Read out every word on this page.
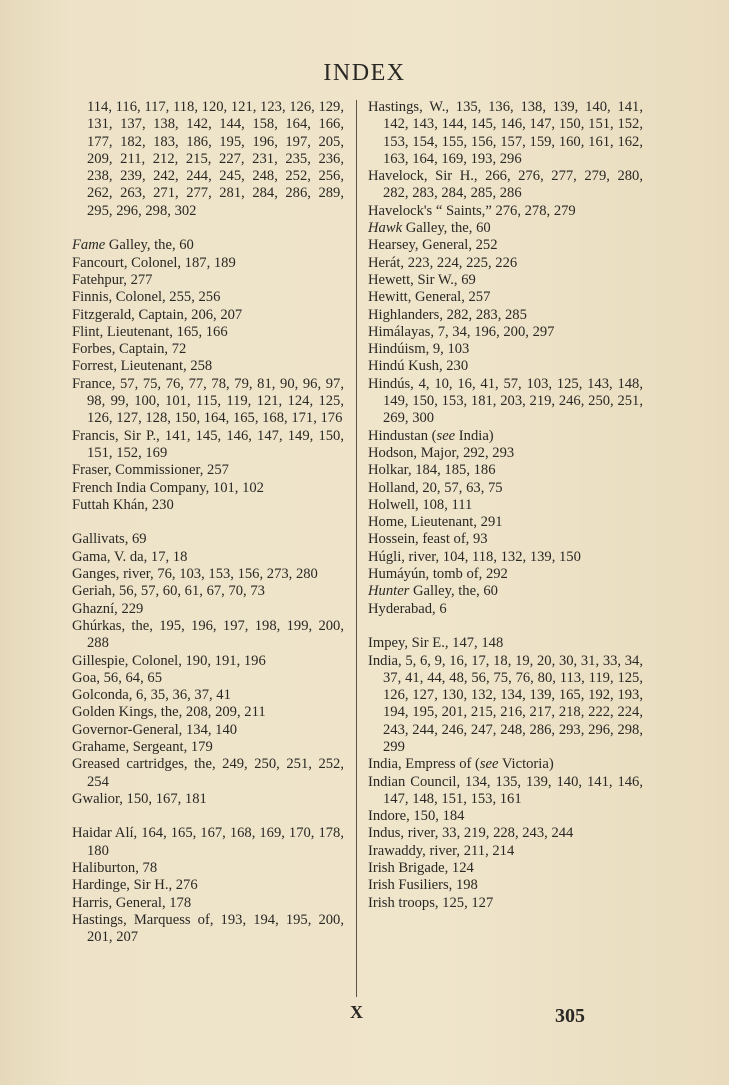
INDEX

114, 116, 117, 118, 120, 121, 123, 126, 129, 131, 137, 138, 142, 144, 158, 164, 166, 177, 182, 183, 186, 195, 196, 197, 205, 209, 211, 212, 215, 227, 231, 235, 236, 238, 239, 242, 244, 245, 248, 252, 256, 262, 263, 271, 277, 281, 284, 286, 289, 295, 296, 298, 302

Fame Galley, the, 60

Fancourt, Colonel, 187, 189

Fatehpur, 277

Finnis, Colonel, 255, 256

Fitzgerald, Captain, 206, 207

Flint, Lieutenant, 165, 166

Forbes, Captain, 72

Forrest, Lieutenant, 258

France, 57, 75, 76, 77, 78, 79, 81, 90, 96, 97, 98, 99, 100, 101, 115, 119, 121, 124, 125, 126, 127, 128, 150, 164, 165, 168, 171, 176

Francis, Sir P., 141, 145, 146, 147, 149, 150, 151, 152, 169

Fraser, Commissioner, 257

French India Company, 101, 102

Futtah Khán, 230

Gallivats, 69

Gama, V. da, 17, 18

Ganges, river, 76, 103, 153, 156, 273, 280

Geriah, 56, 57, 60, 61, 67, 70, 73

Ghazní, 229

Ghúrkas, the, 195, 196, 197, 198, 199, 200, 288

Gillespie, Colonel, 190, 191, 196

Goa, 56, 64, 65

Golconda, 6, 35, 36, 37, 41

Golden Kings, the, 208, 209, 211

Governor-General, 134, 140

Grahame, Sergeant, 179

Greased cartridges, the, 249, 250, 251, 252, 254

Gwalior, 150, 167, 181

Haidar Alí, 164, 165, 167, 168, 169, 170, 178, 180

Haliburton, 78

Hardinge, Sir H., 276

Harris, General, 178

Hastings, Marquess of, 193, 194, 195, 200, 201, 207

Hastings, W., 135, 136, 138, 139, 140, 141, 142, 143, 144, 145, 146, 147, 150, 151, 152, 153, 154, 155, 156, 157, 159, 160, 161, 162, 163, 164, 169, 193, 296

Havelock, Sir H., 266, 276, 277, 279, 280, 282, 283, 284, 285, 286

Havelock's “ Saints,” 276, 278, 279

Hawk Galley, the, 60

Hearsey, General, 252

Herát, 223, 224, 225, 226

Hewett, Sir W., 69

Hewitt, General, 257

Highlanders, 282, 283, 285

Himálayas, 7, 34, 196, 200, 297

Hindúism, 9, 103

Hindú Kush, 230

Hindús, 4, 10, 16, 41, 57, 103, 125, 143, 148, 149, 150, 153, 181, 203, 219, 246, 250, 251, 269, 300

Hindustan (see India)

Hodson, Major, 292, 293

Holkar, 184, 185, 186

Holland, 20, 57, 63, 75

Holwell, 108, 111

Home, Lieutenant, 291

Hossein, feast of, 93

Húgli, river, 104, 118, 132, 139, 150

Humáyún, tomb of, 292

Hunter Galley, the, 60

Hyderabad, 6

Impey, Sir E., 147, 148

India, 5, 6, 9, 16, 17, 18, 19, 20, 30, 31, 33, 34, 37, 41, 44, 48, 56, 75, 76, 80, 113, 119, 125, 126, 127, 130, 132, 134, 139, 165, 192, 193, 194, 195, 201, 215, 216, 217, 218, 222, 224, 243, 244, 246, 247, 248, 286, 293, 296, 298, 299

India, Empress of (see Victoria)

Indian Council, 134, 135, 139, 140, 141, 146, 147, 148, 151, 153, 161

Indore, 150, 184

Indus, river, 33, 219, 228, 243, 244

Irawaddy, river, 211, 214

Irish Brigade, 124

Irish Fusiliers, 198

Irish troops, 125, 127

X	305
